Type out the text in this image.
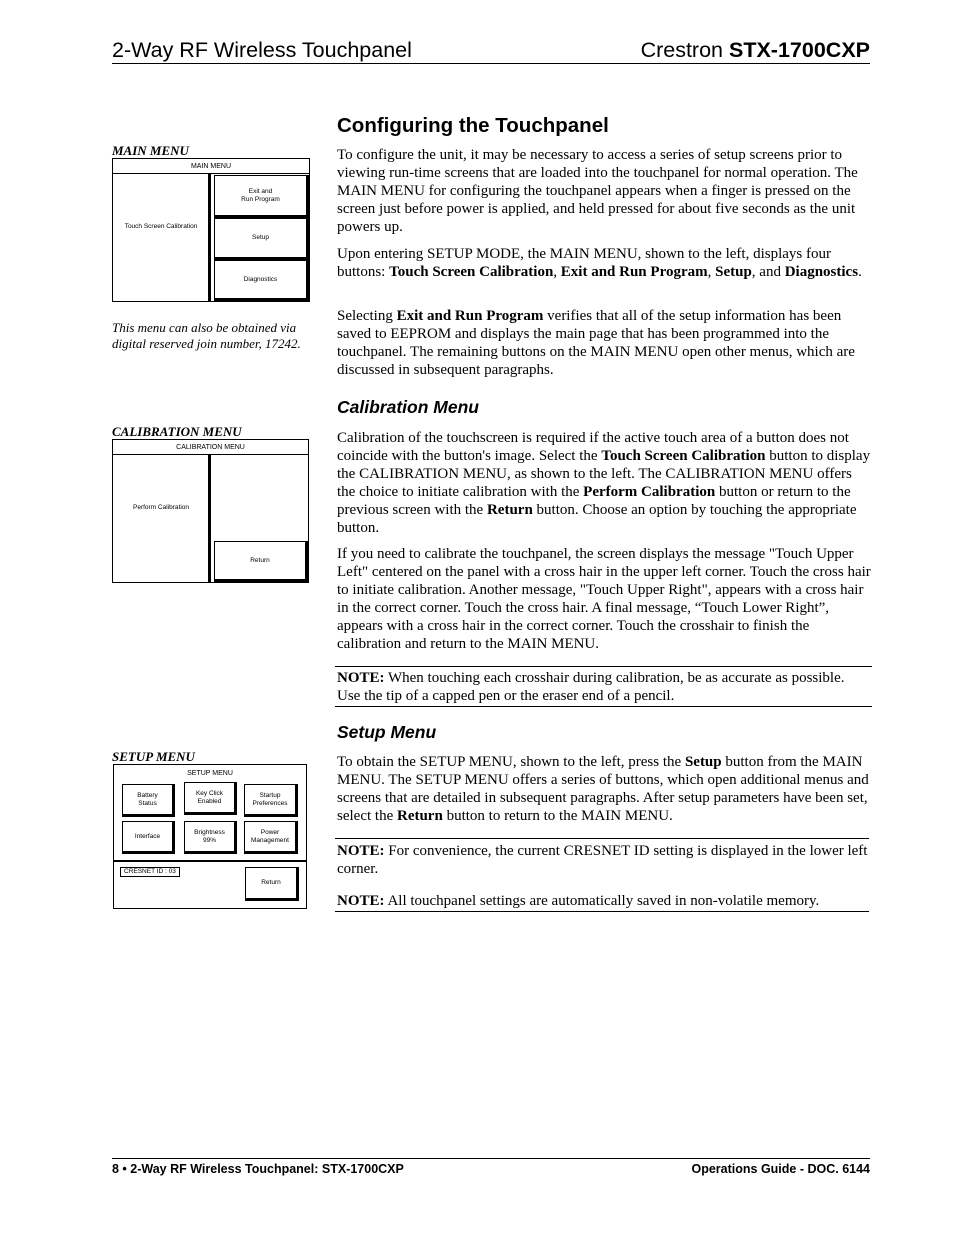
2-Way RF Wireless Touchpanel	Crestron STX-1700CXP
Configuring the Touchpanel
To configure the unit, it may be necessary to access a series of setup screens prior to viewing run-time screens that are loaded into the touchpanel for normal operation. The MAIN MENU for configuring the touchpanel appears when a finger is pressed on the screen just before power is applied, and held pressed for about five seconds as the unit powers up.
Upon entering SETUP MODE, the MAIN MENU, shown to the left, displays four buttons: Touch Screen Calibration, Exit and Run Program, Setup, and Diagnostics.
Selecting Exit and Run Program verifies that all of the setup information has been saved to EEPROM and displays the main page that has been programmed into the touchpanel. The remaining buttons on the MAIN MENU open other menus, which are discussed in subsequent paragraphs.
MAIN MENU
MAIN MENU
Touch Screen Calibration
Exit and
Run Program
Setup
Diagnostics
This menu can also be obtained via digital reserved join number, 17242.
Calibration Menu
Calibration of the touchscreen is required if the active touch area of a button does not coincide with the button's image. Select the Touch Screen Calibration button to display the CALIBRATION MENU, as shown to the left. The CALIBRATION MENU offers the choice to initiate calibration with the Perform Calibration button or return to the previous screen with the Return button. Choose an option by touching the appropriate button.
If you need to calibrate the touchpanel, the screen displays the message "Touch Upper Left" centered on the panel with a cross hair in the upper left corner. Touch the cross hair to initiate calibration. Another message, "Touch Upper Right", appears with a cross hair in the correct corner. Touch the cross hair. A final message, “Touch Lower Right”, appears with a cross hair in the correct corner. Touch the crosshair to finish the calibration and return to the MAIN MENU.
NOTE: When touching each crosshair during calibration, be as accurate as possible. Use the tip of a capped pen or the eraser end of a pencil.
CALIBRATION MENU
CALIBRATION MENU
Perform Calibration
Return
Setup Menu
To obtain the SETUP MENU, shown to the left, press the Setup button from the MAIN MENU. The SETUP MENU offers a series of buttons, which open additional menus and screens that are detailed in subsequent paragraphs. After setup parameters have been set, select the Return button to return to the MAIN MENU.
NOTE: For convenience, the current CRESNET ID setting is displayed in the lower left corner.
NOTE: All touchpanel settings are automatically saved in non-volatile memory.
SETUP MENU
SETUP MENU
Battery
Status
Key Click
Enabled
Startup
Preferences
Interface
Brightness
99%
Power
Management
CRESNET ID : 03
Return
8 • 2-Way RF Wireless Touchpanel: STX-1700CXP	Operations Guide - DOC. 6144
